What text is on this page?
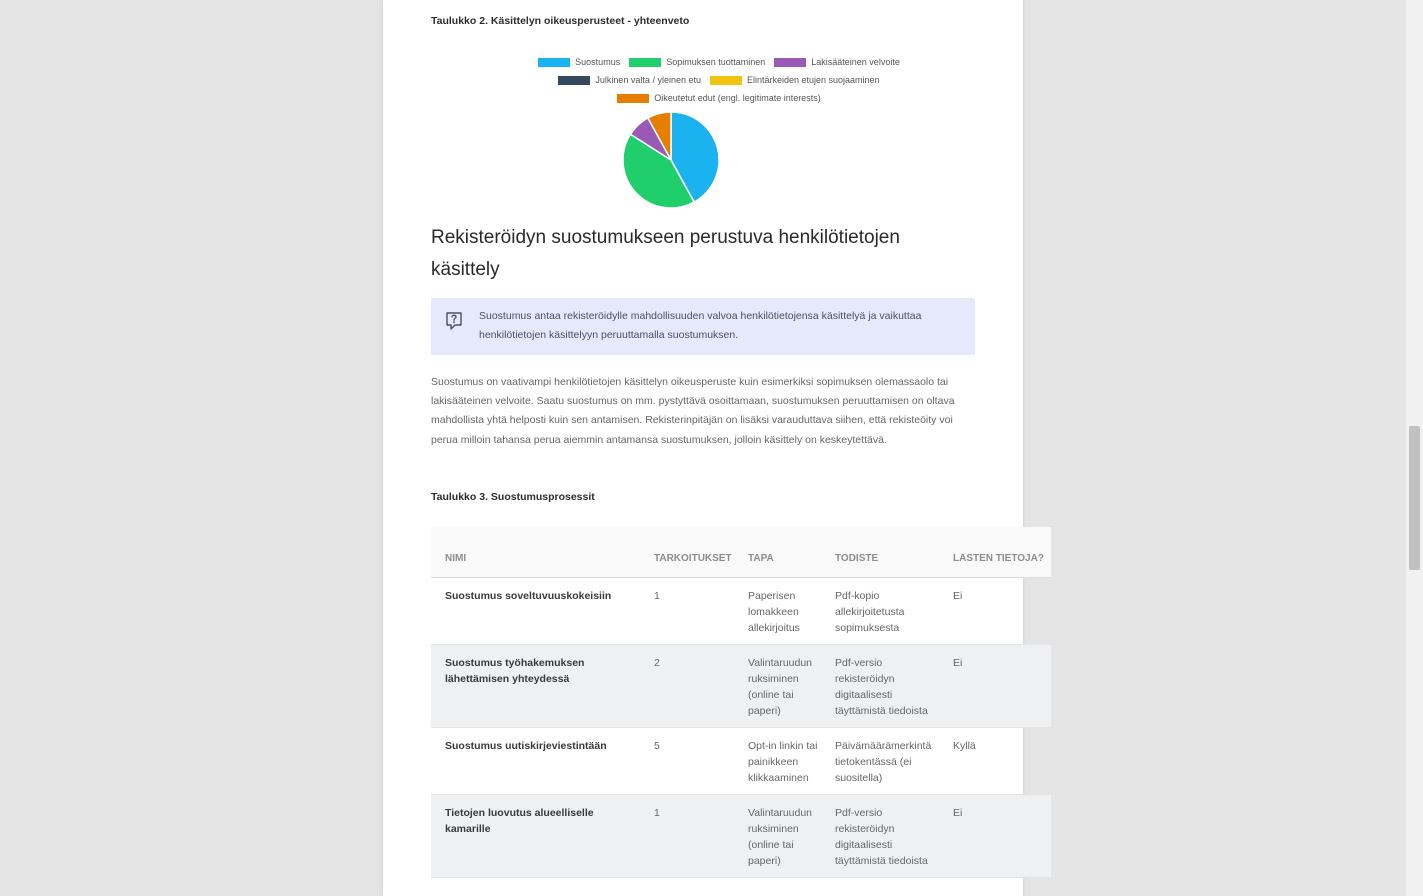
Taulukko 2. Käsittelyn oikeusperusteet - yhteenveto

Suostumus	Sopimuksen tuottaminen	Lakisääteinen velvoite
Julkinen valta / yleinen etu	Elintärkeiden etujen suojaaminen
Oikeutetut edut (engl. legitimate interests)
Rekisteröidyn suostumukseen perustuva henkilötietojen käsittely

Suostumus antaa rekisteröidylle mahdollisuuden valvoa henkilötietojensa käsittelyä ja vaikuttaa henkilötietojen käsittelyyn peruuttamalla suostumuksen.

Suostumus on vaativampi henkilötietojen käsittelyn oikeusperuste kuin esimerkiksi sopimuksen olemassaolo tai lakisääteinen velvoite. Saatu suostumus on mm. pystyttävä osoittamaan, suostumuksen peruuttamisen on oltava mahdollista yhtä helposti kuin sen antamisen. Rekisterinpitäjän on lisäksi varauduttava siihen, että rekisteöity voi perua milloin tahansa perua aiemmin antamansa suostumuksen, jolloin käsittely on keskeytettävä.

Taulukko 3. Suostumusprosessit

NIMI	TARKOITUKSET	TAPA	TODISTE	LASTEN TIETOJA?
Suostumus soveltuvuuskokeisiin	1	Paperisen lomakkeen allekirjoitus	Pdf-kopio allekirjoitetusta sopimuksesta	Ei
Suostumus työhakemuksen lähettämisen yhteydessä	2	Valintaruudun ruksiminen (online tai paperi)	Pdf-versio rekisteröidyn digitaalisesti täyttämistä tiedoista	Ei
Suostumus uutiskirjeviestintään	5	Opt-in linkin tai painikkeen klikkaaminen	Päivämäärämerkintä tietokentässä (ei suositella)	Kyllä
Tietojen luovutus alueelliselle kamarille	1	Valintaruudun ruksiminen (online tai paperi)	Pdf-versio rekisteröidyn digitaalisesti täyttämistä tiedoista	Ei
